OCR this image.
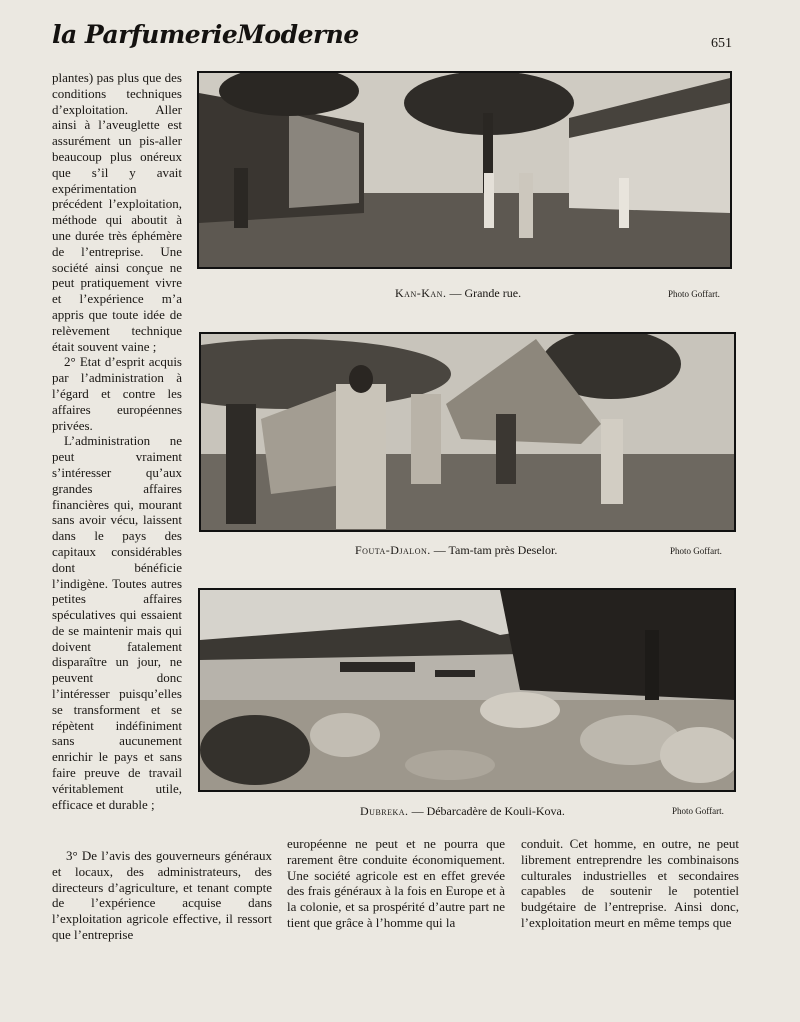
la ParfumerieModerne	651

plantes) pas plus que des conditions techniques d’exploitation. Aller ainsi à l’aveuglette est assurément un pis-aller beaucoup plus onéreux que s’il y avait expérimentation précédent l’exploitation, méthode qui aboutit à une durée très éphémère de l’entreprise. Une société ainsi conçue ne peut pratiquement vivre et l’expérience m’a appris que toute idée de relèvement technique était souvent vaine ;

2° Etat d’esprit acquis par l’administration à l’égard et contre les affaires européennes privées.

L’administration ne peut vraiment s’intéresser qu’aux grandes affaires financières qui, mourant sans avoir vécu, laissent dans le pays des capitaux considérables dont bénéficie l’indigène. Toutes autres petites affaires spéculatives qui essaient de se maintenir mais qui doivent fatalement disparaître un jour, ne peuvent donc l’intéresser puisqu’elles se transforment et se répètent indéfiniment sans aucunement enrichir le pays et sans faire preuve de travail véritablement utile, efficace et durable ;

3° De l’avis des gouverneurs généraux et locaux, des administrateurs, des directeurs d’agriculture, et tenant compte de l’expérience acquise dans l’exploitation agricole effective, il ressort que l’entreprise
Kan-Kan. — Grande rue.	Photo Goffart.
Fouta-Djalon. — Tam-tam près Deselor.	Photo Goffart.
Dubreka. — Débarcadère de Kouli-Kova.	Photo Goffart.
européenne ne peut et ne pourra que rarement être conduite économiquement. Une société agricole est en effet grevée des frais généraux à la fois en Europe et à la colonie, et sa prospérité d’autre part ne tient que grâce à l’homme qui la
conduit. Cet homme, en outre, ne peut librement entreprendre les combinaisons culturales industrielles et secondaires capables de soutenir le potentiel budgétaire de l’entreprise. Ainsi donc, l’exploitation meurt en même temps que
